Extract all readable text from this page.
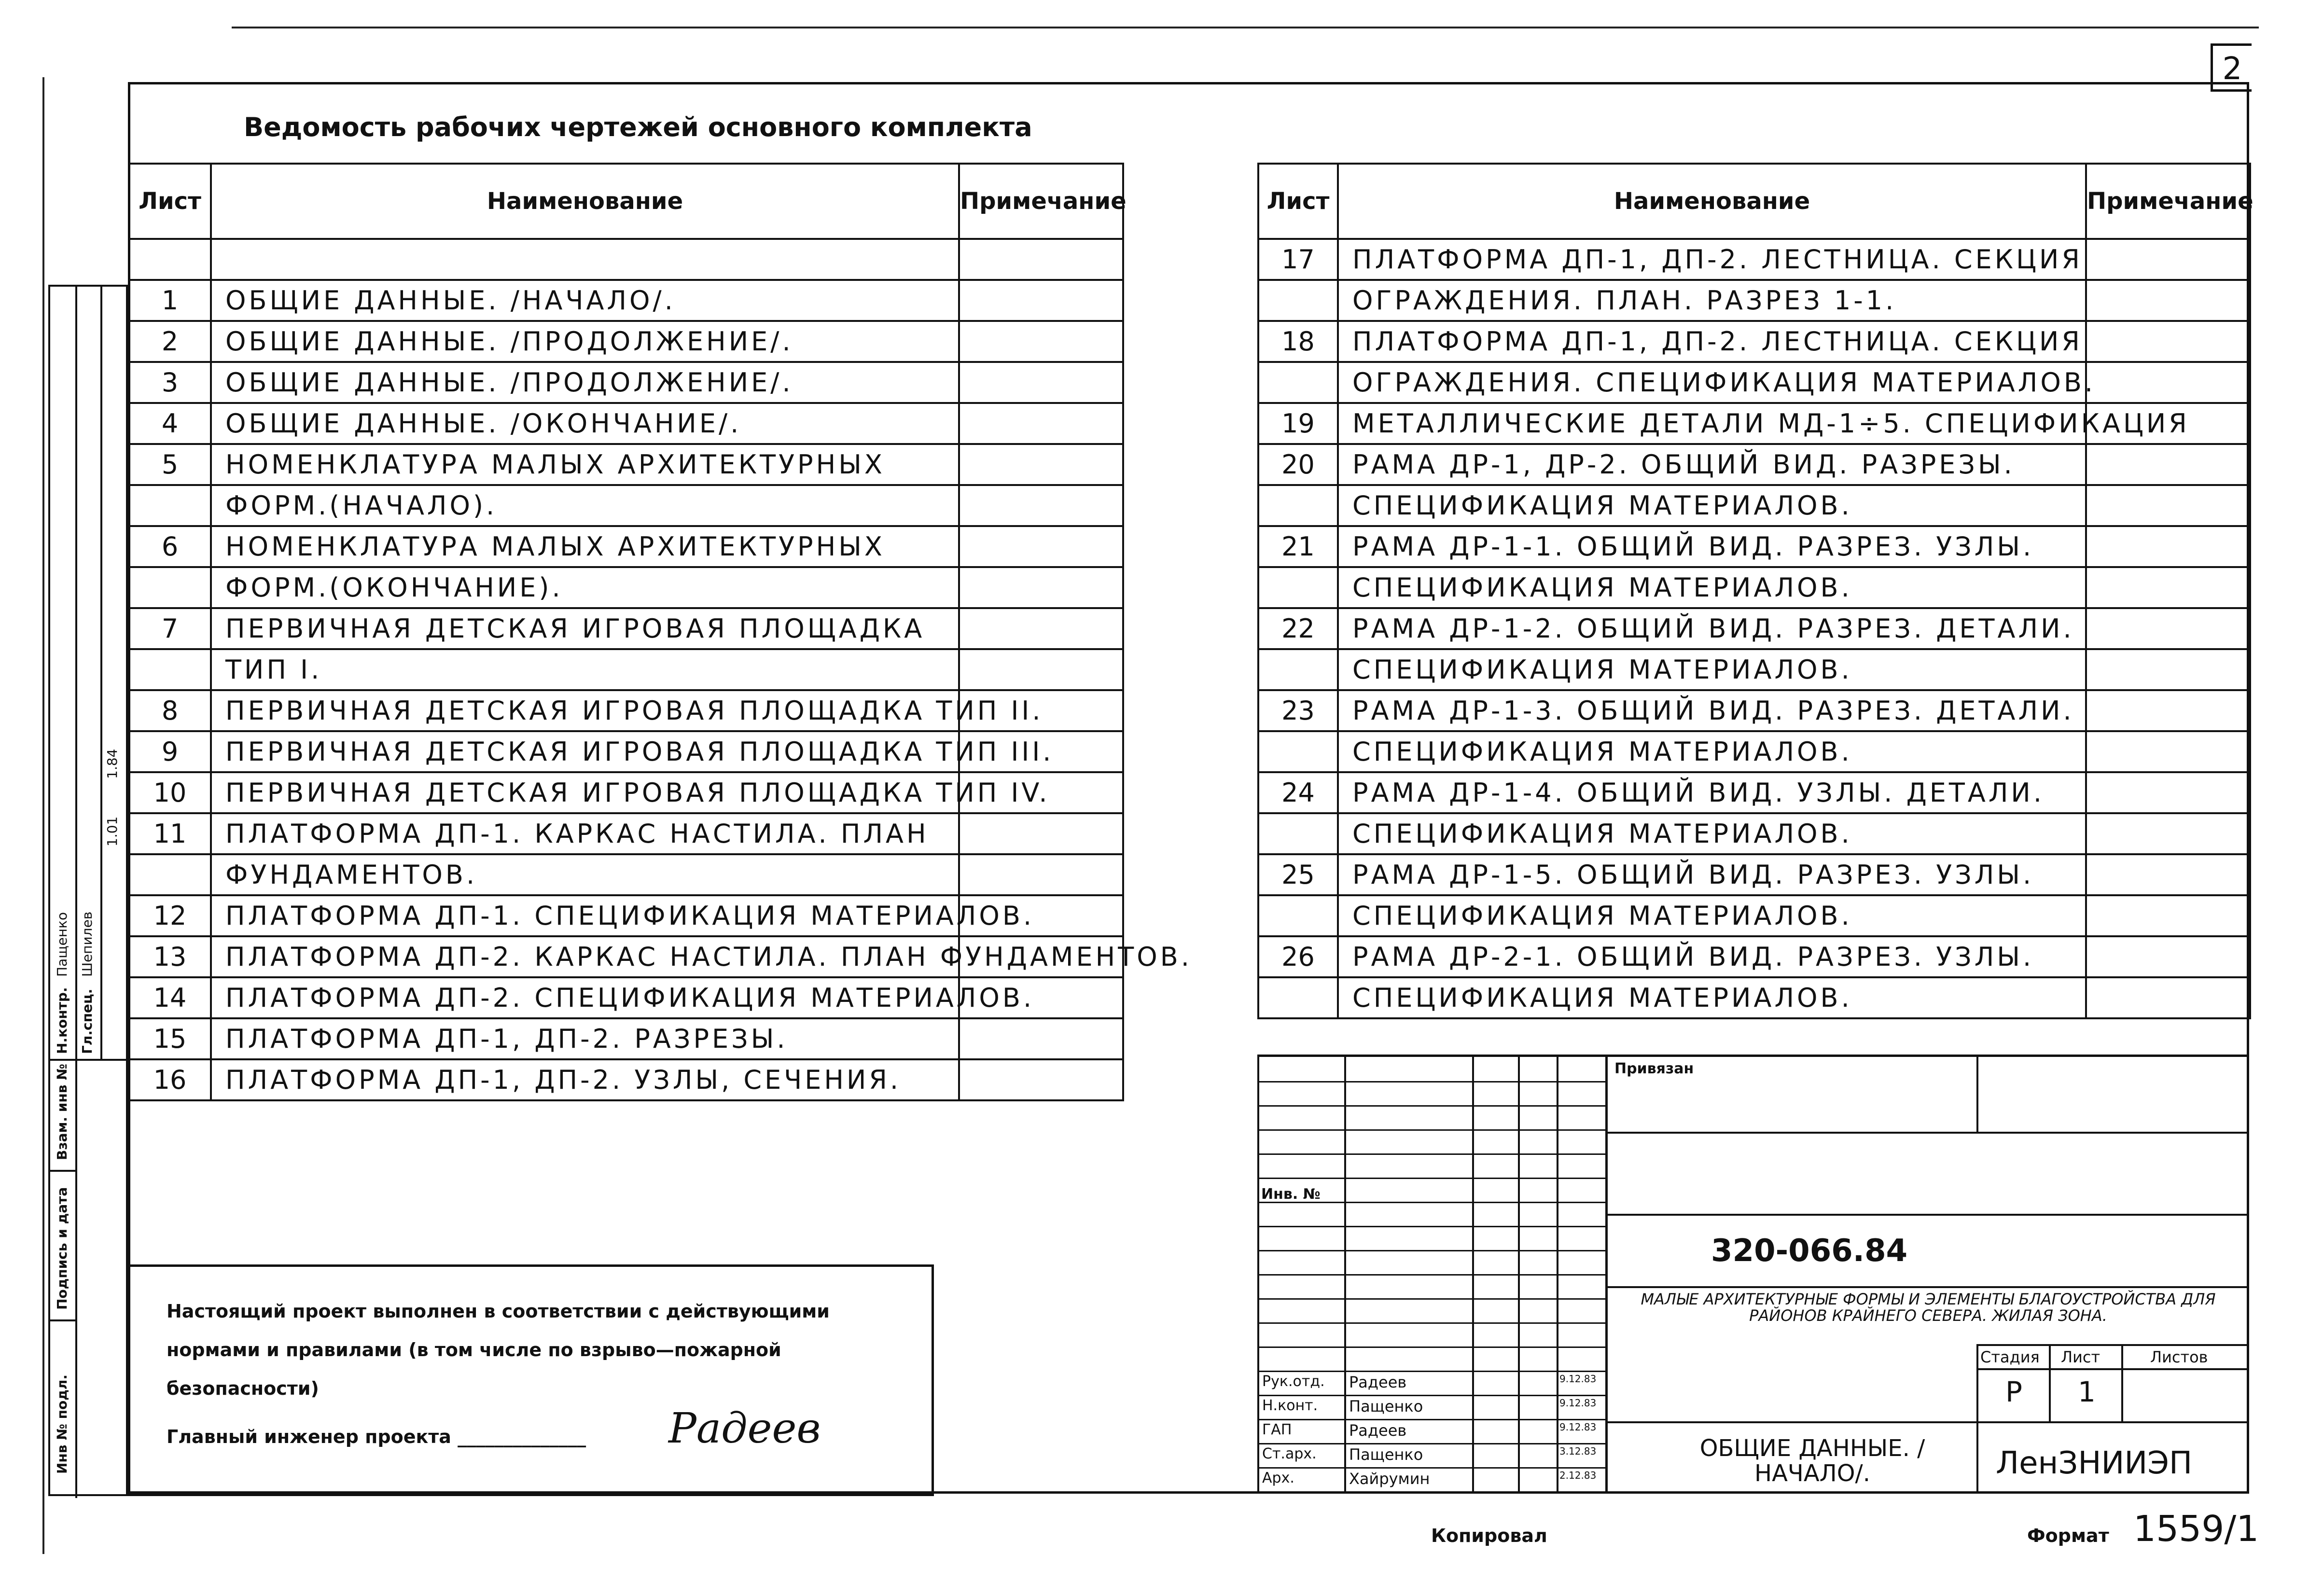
2
Ведомость рабочих чертежей основного комплекта
Инв № подл.
Подпись и дата
Взам. инв №
Н.контр. Гл.спец.
Пащенко Шепилев
1.01
1.84
Лист	Наименование	Примечание

1	ОБЩИЕ ДАННЫЕ. /НАЧАЛО/.	
2	ОБЩИЕ ДАННЫЕ. /ПРОДОЛЖЕНИЕ/.	
3	ОБЩИЕ ДАННЫЕ. /ПРОДОЛЖЕНИЕ/.	
4	ОБЩИЕ ДАННЫЕ. /ОКОНЧАНИЕ/.	
5	НОМЕНКЛАТУРА МАЛЫХ АРХИТЕКТУРНЫХ	
	ФОРМ.(НАЧАЛО).	
6	НОМЕНКЛАТУРА МАЛЫХ АРХИТЕКТУРНЫХ	
	ФОРМ.(ОКОНЧАНИЕ).	
7	ПЕРВИЧНАЯ ДЕТСКАЯ ИГРОВАЯ ПЛОЩАДКА	
	ТИП I.	
8	ПЕРВИЧНАЯ ДЕТСКАЯ ИГРОВАЯ ПЛОЩАДКА ТИП II.	
9	ПЕРВИЧНАЯ ДЕТСКАЯ ИГРОВАЯ ПЛОЩАДКА ТИП III.	
10	ПЕРВИЧНАЯ ДЕТСКАЯ ИГРОВАЯ ПЛОЩАДКА ТИП IV.	
11	ПЛАТФОРМА ДП-1. КАРКАС НАСТИЛА. ПЛАН	
	ФУНДАМЕНТОВ.	
12	ПЛАТФОРМА ДП-1. СПЕЦИФИКАЦИЯ МАТЕРИАЛОВ.	
13	ПЛАТФОРМА ДП-2. КАРКАС НАСТИЛА. ПЛАН ФУНДАМЕНТОВ.	
14	ПЛАТФОРМА ДП-2. СПЕЦИФИКАЦИЯ МАТЕРИАЛОВ.	
15	ПЛАТФОРМА ДП-1, ДП-2. РАЗРЕЗЫ.	
16	ПЛАТФОРМА ДП-1, ДП-2. УЗЛЫ, СЕЧЕНИЯ.	
Лист	Наименование	Примечание
17	ПЛАТФОРМА ДП-1, ДП-2. ЛЕСТНИЦА. СЕКЦИЯ	
	ОГРАЖДЕНИЯ. ПЛАН. РАЗРЕЗ 1-1.	
18	ПЛАТФОРМА ДП-1, ДП-2. ЛЕСТНИЦА. СЕКЦИЯ	
	ОГРАЖДЕНИЯ. СПЕЦИФИКАЦИЯ МАТЕРИАЛОВ.	
19	МЕТАЛЛИЧЕСКИЕ ДЕТАЛИ МД-1÷5. СПЕЦИФИКАЦИЯ	
20	РАМА ДР-1, ДР-2. ОБЩИЙ ВИД. РАЗРЕЗЫ.	
	СПЕЦИФИКАЦИЯ МАТЕРИАЛОВ.	
21	РАМА ДР-1-1. ОБЩИЙ ВИД. РАЗРЕЗ. УЗЛЫ.	
	СПЕЦИФИКАЦИЯ МАТЕРИАЛОВ.	
22	РАМА ДР-1-2. ОБЩИЙ ВИД. РАЗРЕЗ. ДЕТАЛИ.	
	СПЕЦИФИКАЦИЯ МАТЕРИАЛОВ.	
23	РАМА ДР-1-3. ОБЩИЙ ВИД. РАЗРЕЗ. ДЕТАЛИ.	
	СПЕЦИФИКАЦИЯ МАТЕРИАЛОВ.	
24	РАМА ДР-1-4. ОБЩИЙ ВИД. УЗЛЫ. ДЕТАЛИ.	
	СПЕЦИФИКАЦИЯ МАТЕРИАЛОВ.	
25	РАМА ДР-1-5. ОБЩИЙ ВИД. РАЗРЕЗ. УЗЛЫ.	
	СПЕЦИФИКАЦИЯ МАТЕРИАЛОВ.	
26	РАМА ДР-2-1. ОБЩИЙ ВИД. РАЗРЕЗ. УЗЛЫ.	
	СПЕЦИФИКАЦИЯ МАТЕРИАЛОВ.	
Настоящий проект выполнен в соответствии с действующими
нормами и правилами (в том числе по взрыво—пожарной
безопасности)
Главный инженер проекта ______________ Радеев
Инв. №
Рук.отд. Радеев	9.12.83
Н.конт. Пащенко	9.12.83
ГАП	Радеев	9.12.83
Ст.арх. Пащенко	3.12.83
Арх.	Хайрумин	2.12.83
Привязан
320-066.84
МАЛЫЕ АРХИТЕКТУРНЫЕ ФОРМЫ И ЭЛЕМЕНТЫ БЛАГОУСТРОЙСТВА ДЛЯ РАЙОНОВ КРАЙНЕГО СЕВЕРА. ЖИЛАЯ ЗОНА.
Стадия Лист	Листов
Р 1
ОБЩИЕ ДАННЫЕ. / НАЧАЛО/.	ЛенЗНИИЭП
Копировал	Формат 1559/1
